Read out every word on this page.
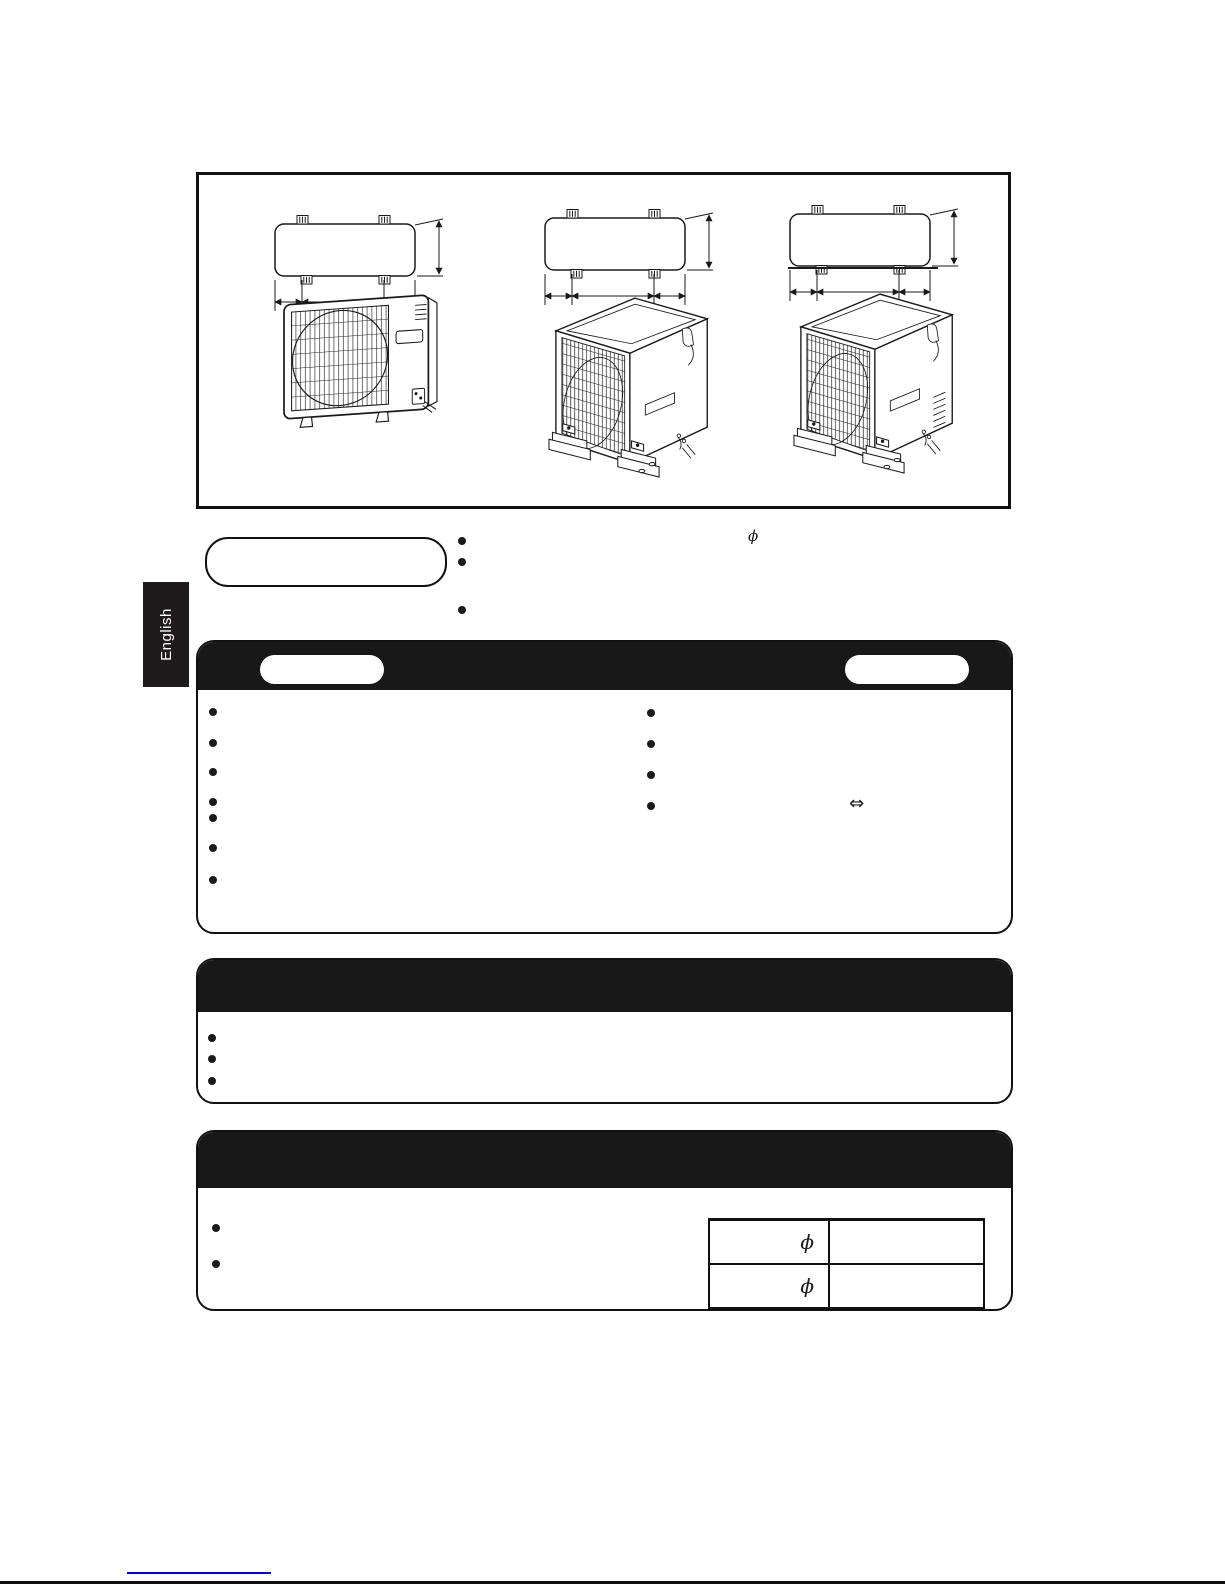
ϕ
English
⇔
ϕ
ϕ
